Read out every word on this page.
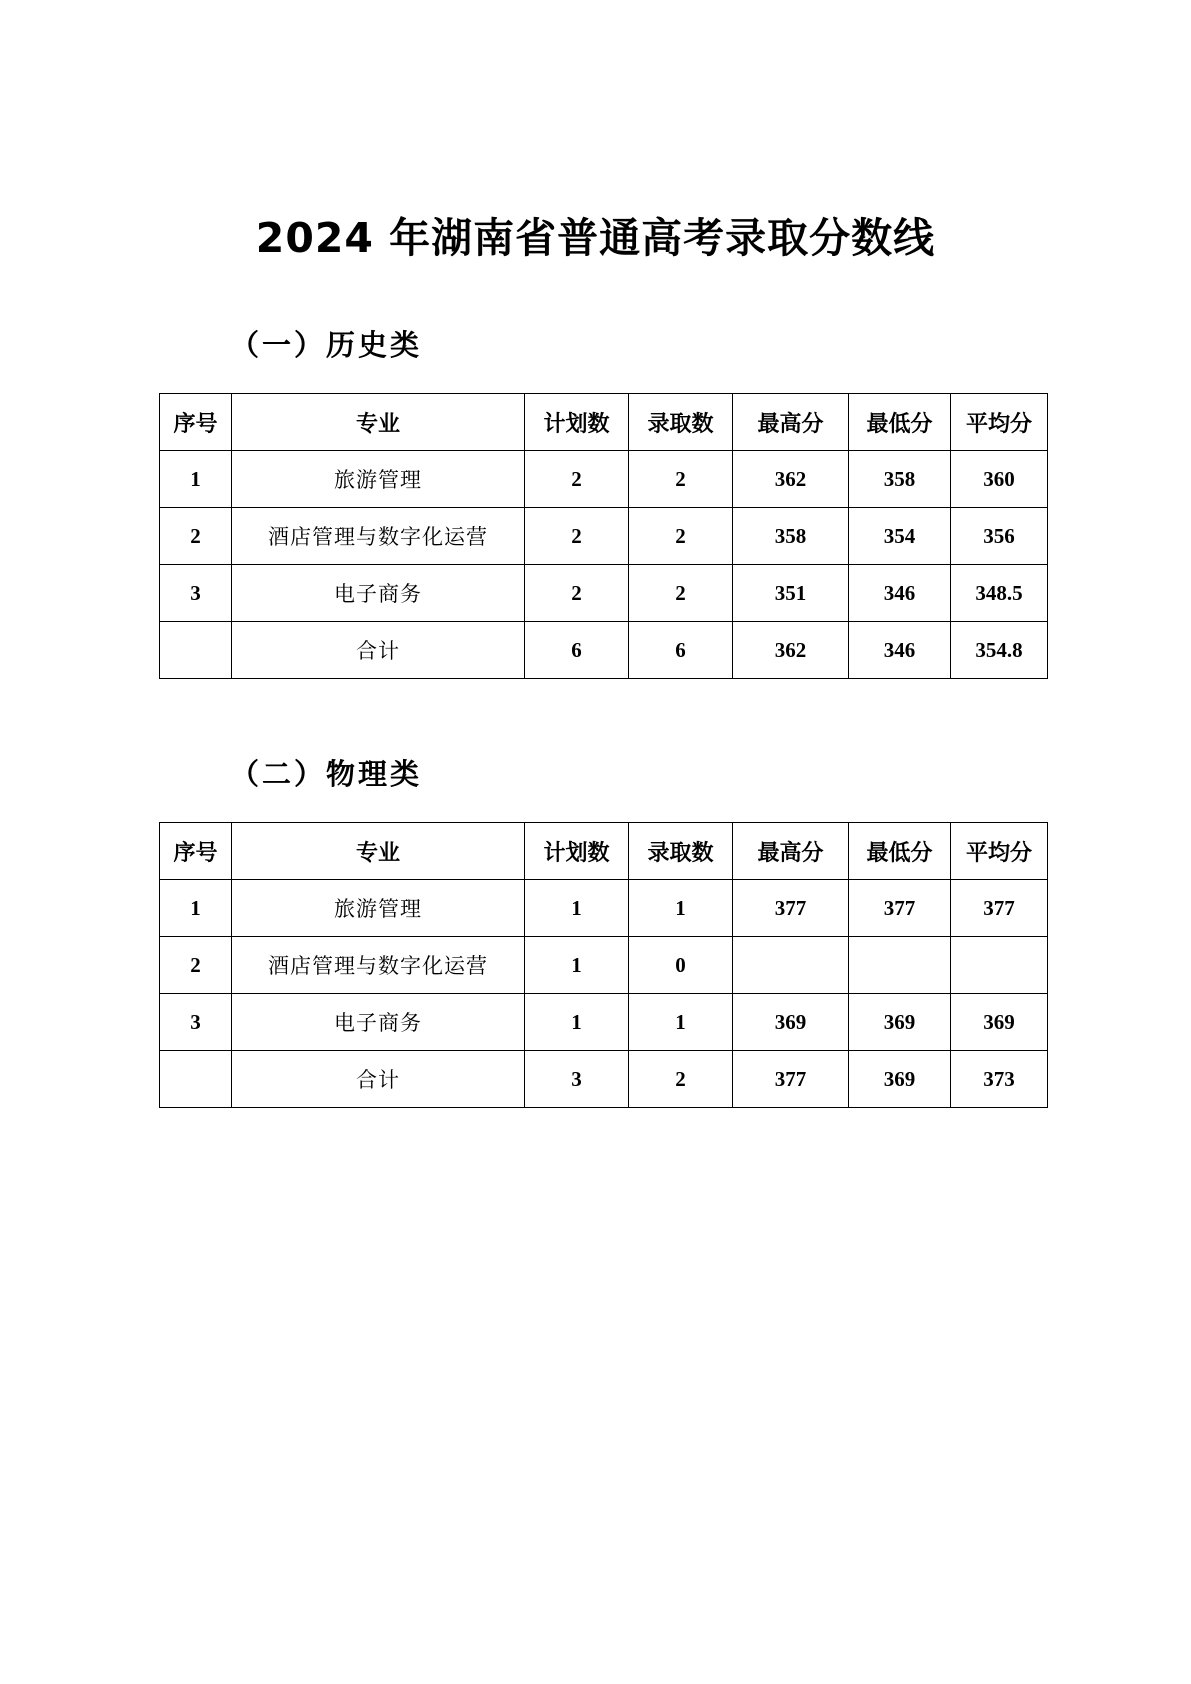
2024 年湖南省普通高考录取分数线
（一）历史类
序号	专业	计划数	录取数	最高分	最低分	平均分
1	旅游管理	2	2	362	358	360
2	酒店管理与数字化运营	2	2	358	354	356
3	电子商务	2	2	351	346	348.5
	合计	6	6	362	346	354.8
（二）物理类
序号	专业	计划数	录取数	最高分	最低分	平均分
1	旅游管理	1	1	377	377	377
2	酒店管理与数字化运营	1	0			
3	电子商务	1	1	369	369	369
	合计	3	2	377	369	373
